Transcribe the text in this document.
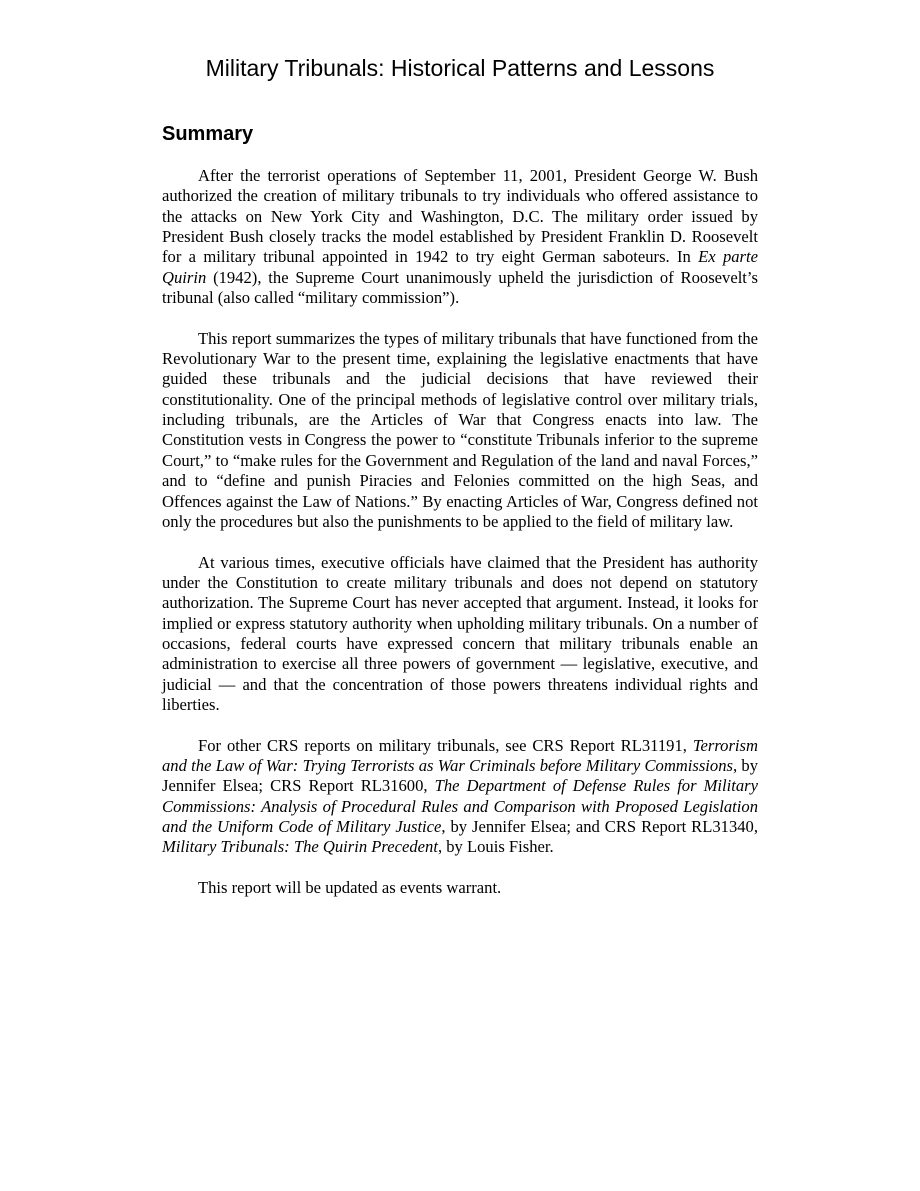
Military Tribunals: Historical Patterns and Lessons
Summary

After the terrorist operations of September 11, 2001, President George W. Bush authorized the creation of military tribunals to try individuals who offered assistance to the attacks on New York City and Washington, D.C. The military order issued by President Bush closely tracks the model established by President Franklin D. Roosevelt for a military tribunal appointed in 1942 to try eight German saboteurs. In Ex parte Quirin (1942), the Supreme Court unanimously upheld the jurisdiction of Roosevelt’s tribunal (also called “military commission”).

This report summarizes the types of military tribunals that have functioned from the Revolutionary War to the present time, explaining the legislative enactments that have guided these tribunals and the judicial decisions that have reviewed their constitutionality. One of the principal methods of legislative control over military trials, including tribunals, are the Articles of War that Congress enacts into law. The Constitution vests in Congress the power to “constitute Tribunals inferior to the supreme Court,” to “make rules for the Government and Regulation of the land and naval Forces,” and to “define and punish Piracies and Felonies committed on the high Seas, and Offences against the Law of Nations.” By enacting Articles of War, Congress defined not only the procedures but also the punishments to be applied to the field of military law.

At various times, executive officials have claimed that the President has authority under the Constitution to create military tribunals and does not depend on statutory authorization. The Supreme Court has never accepted that argument. Instead, it looks for implied or express statutory authority when upholding military tribunals. On a number of occasions, federal courts have expressed concern that military tribunals enable an administration to exercise all three powers of government — legislative, executive, and judicial — and that the concentration of those powers threatens individual rights and liberties.

For other CRS reports on military tribunals, see CRS Report RL31191, Terrorism and the Law of War: Trying Terrorists as War Criminals before Military Commissions, by Jennifer Elsea; CRS Report RL31600, The Department of Defense Rules for Military Commissions: Analysis of Procedural Rules and Comparison with Proposed Legislation and the Uniform Code of Military Justice, by Jennifer Elsea; and CRS Report RL31340, Military Tribunals: The Quirin Precedent, by Louis Fisher.

This report will be updated as events warrant.
